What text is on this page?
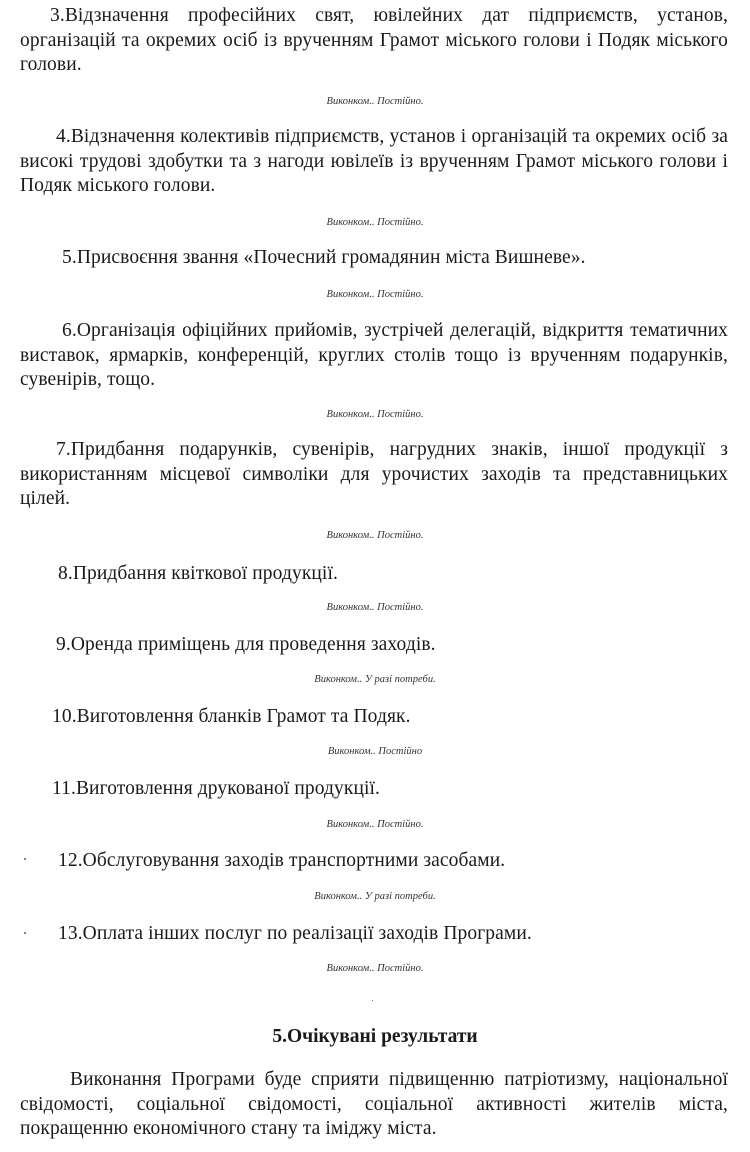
3.Відзначення професійних свят, ювілейних дат підприємств, установ, організацій та окремих осіб із врученням Грамот міського голови і Подяк міського голови.

Виконком.. Постійно.

4.Відзначення колективів підприємств, установ і організацій та окремих осіб за високі трудові здобутки та з нагоди ювілеїв із врученням Грамот міського голови і Подяк міського голови.

Виконком.. Постійно.

5.Присвоєння звання «Почесний громадянин міста Вишневе».

Виконком.. Постійно.

6.Організація офіційних прийомів, зустрічей делегацій, відкриття тематичних виставок, ярмарків, конференцій, круглих столів тощо із врученням подарунків, сувенірів, тощо.

Виконком.. Постійно.

7.Придбання подарунків, сувенірів, нагрудних знаків, іншої продукції з використанням місцевої символіки для урочистих заходів та представницьких цілей.

Виконком.. Постійно.

8.Придбання квіткової продукції.

Виконком.. Постійно.

9.Оренда приміщень для проведення заходів.

Виконком.. У разі потреби.

10.Виготовлення бланків Грамот та Подяк.

Виконком.. Постійно

11.Виготовлення друкованої продукції.

Виконком.. Постійно.

12.Обслуговування заходів транспортними засобами.

Виконком.. У разі потреби.

13.Оплата інших послуг по реалізації заходів Програми.

Виконком.. Постійно.
5.Очікувані результати

Виконання Програми буде сприяти підвищенню патріотизму, національної свідомості, соціальної свідомості, соціальної активності жителів міста, покращенню економічного стану та іміджу міста.
